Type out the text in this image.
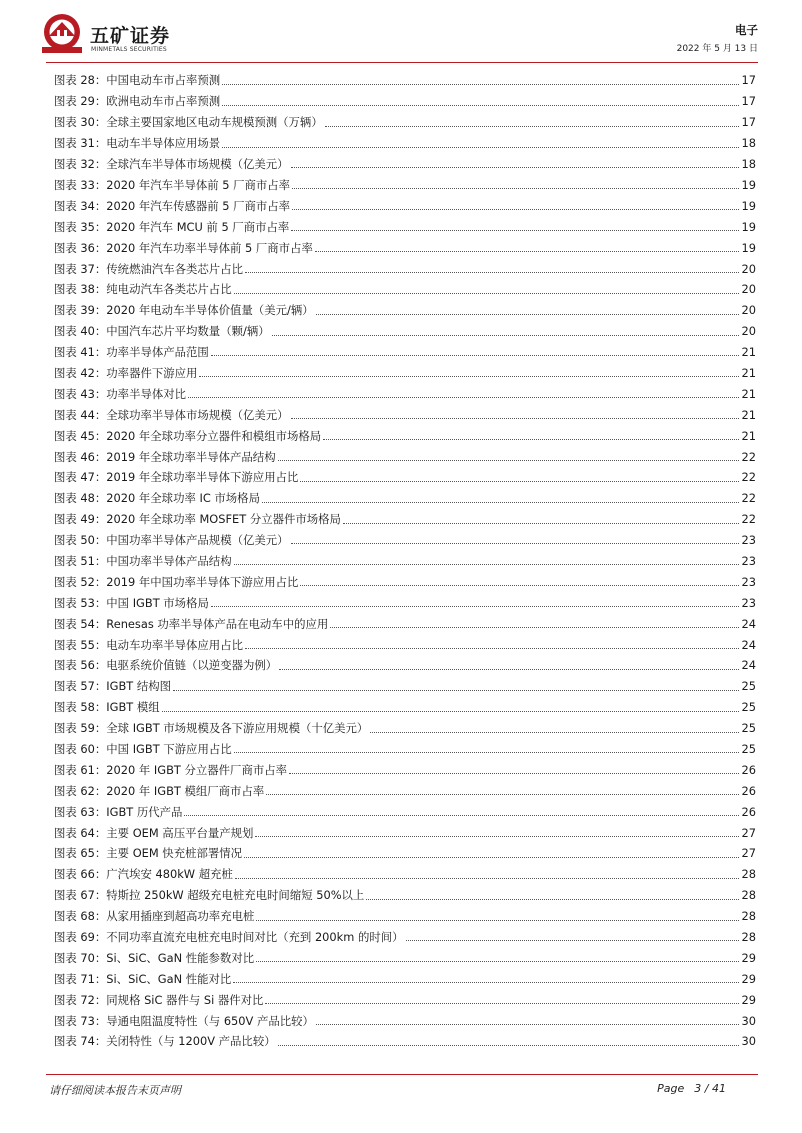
五矿证券
MINMETALS SECURITIES
电子
2022 年 5 月 13 日
图表 28：中国电动车市占率预测	17
图表 29：欧洲电动车市占率预测	17
图表 30：全球主要国家地区电动车规模预测（万辆）	17
图表 31：电动车半导体应用场景	18
图表 32：全球汽车半导体市场规模（亿美元）	18
图表 33：2020 年汽车半导体前 5 厂商市占率	19
图表 34：2020 年汽车传感器前 5 厂商市占率	19
图表 35：2020 年汽车 MCU 前 5 厂商市占率	19
图表 36：2020 年汽车功率半导体前 5 厂商市占率	19
图表 37：传统燃油汽车各类芯片占比	20
图表 38：纯电动汽车各类芯片占比	20
图表 39：2020 年电动车半导体价值量（美元/辆）	20
图表 40：中国汽车芯片平均数量（颗/辆）	20
图表 41：功率半导体产品范围	21
图表 42：功率器件下游应用	21
图表 43：功率半导体对比	21
图表 44：全球功率半导体市场规模（亿美元）	21
图表 45：2020 年全球功率分立器件和模组市场格局	21
图表 46：2019 年全球功率半导体产品结构	22
图表 47：2019 年全球功率半导体下游应用占比	22
图表 48：2020 年全球功率 IC 市场格局	22
图表 49：2020 年全球功率 MOSFET 分立器件市场格局	22
图表 50：中国功率半导体产品规模（亿美元）	23
图表 51：中国功率半导体产品结构	23
图表 52：2019 年中国功率半导体下游应用占比	23
图表 53：中国 IGBT 市场格局	23
图表 54：Renesas 功率半导体产品在电动车中的应用	24
图表 55：电动车功率半导体应用占比	24
图表 56：电驱系统价值链（以逆变器为例）	24
图表 57：IGBT 结构图	25
图表 58：IGBT 模组	25
图表 59：全球 IGBT 市场规模及各下游应用规模（十亿美元）	25
图表 60：中国 IGBT 下游应用占比	25
图表 61：2020 年 IGBT 分立器件厂商市占率	26
图表 62：2020 年 IGBT 模组厂商市占率	26
图表 63：IGBT 历代产品	26
图表 64：主要 OEM 高压平台量产规划	27
图表 65：主要 OEM 快充桩部署情况	27
图表 66：广汽埃安 480kW 超充桩	28
图表 67：特斯拉 250kW 超级充电桩充电时间缩短 50%以上	28
图表 68：从家用插座到超高功率充电桩	28
图表 69：不同功率直流充电桩充电时间对比（充到 200km 的时间）	28
图表 70：Si、SiC、GaN 性能参数对比	29
图表 71：Si、SiC、GaN 性能对比	29
图表 72：同规格 SiC 器件与 Si 器件对比	29
图表 73：导通电阻温度特性（与 650V 产品比较）	30
图表 74：关闭特性（与 1200V 产品比较）	30
请仔细阅读本报告末页声明	Page 3 / 41
